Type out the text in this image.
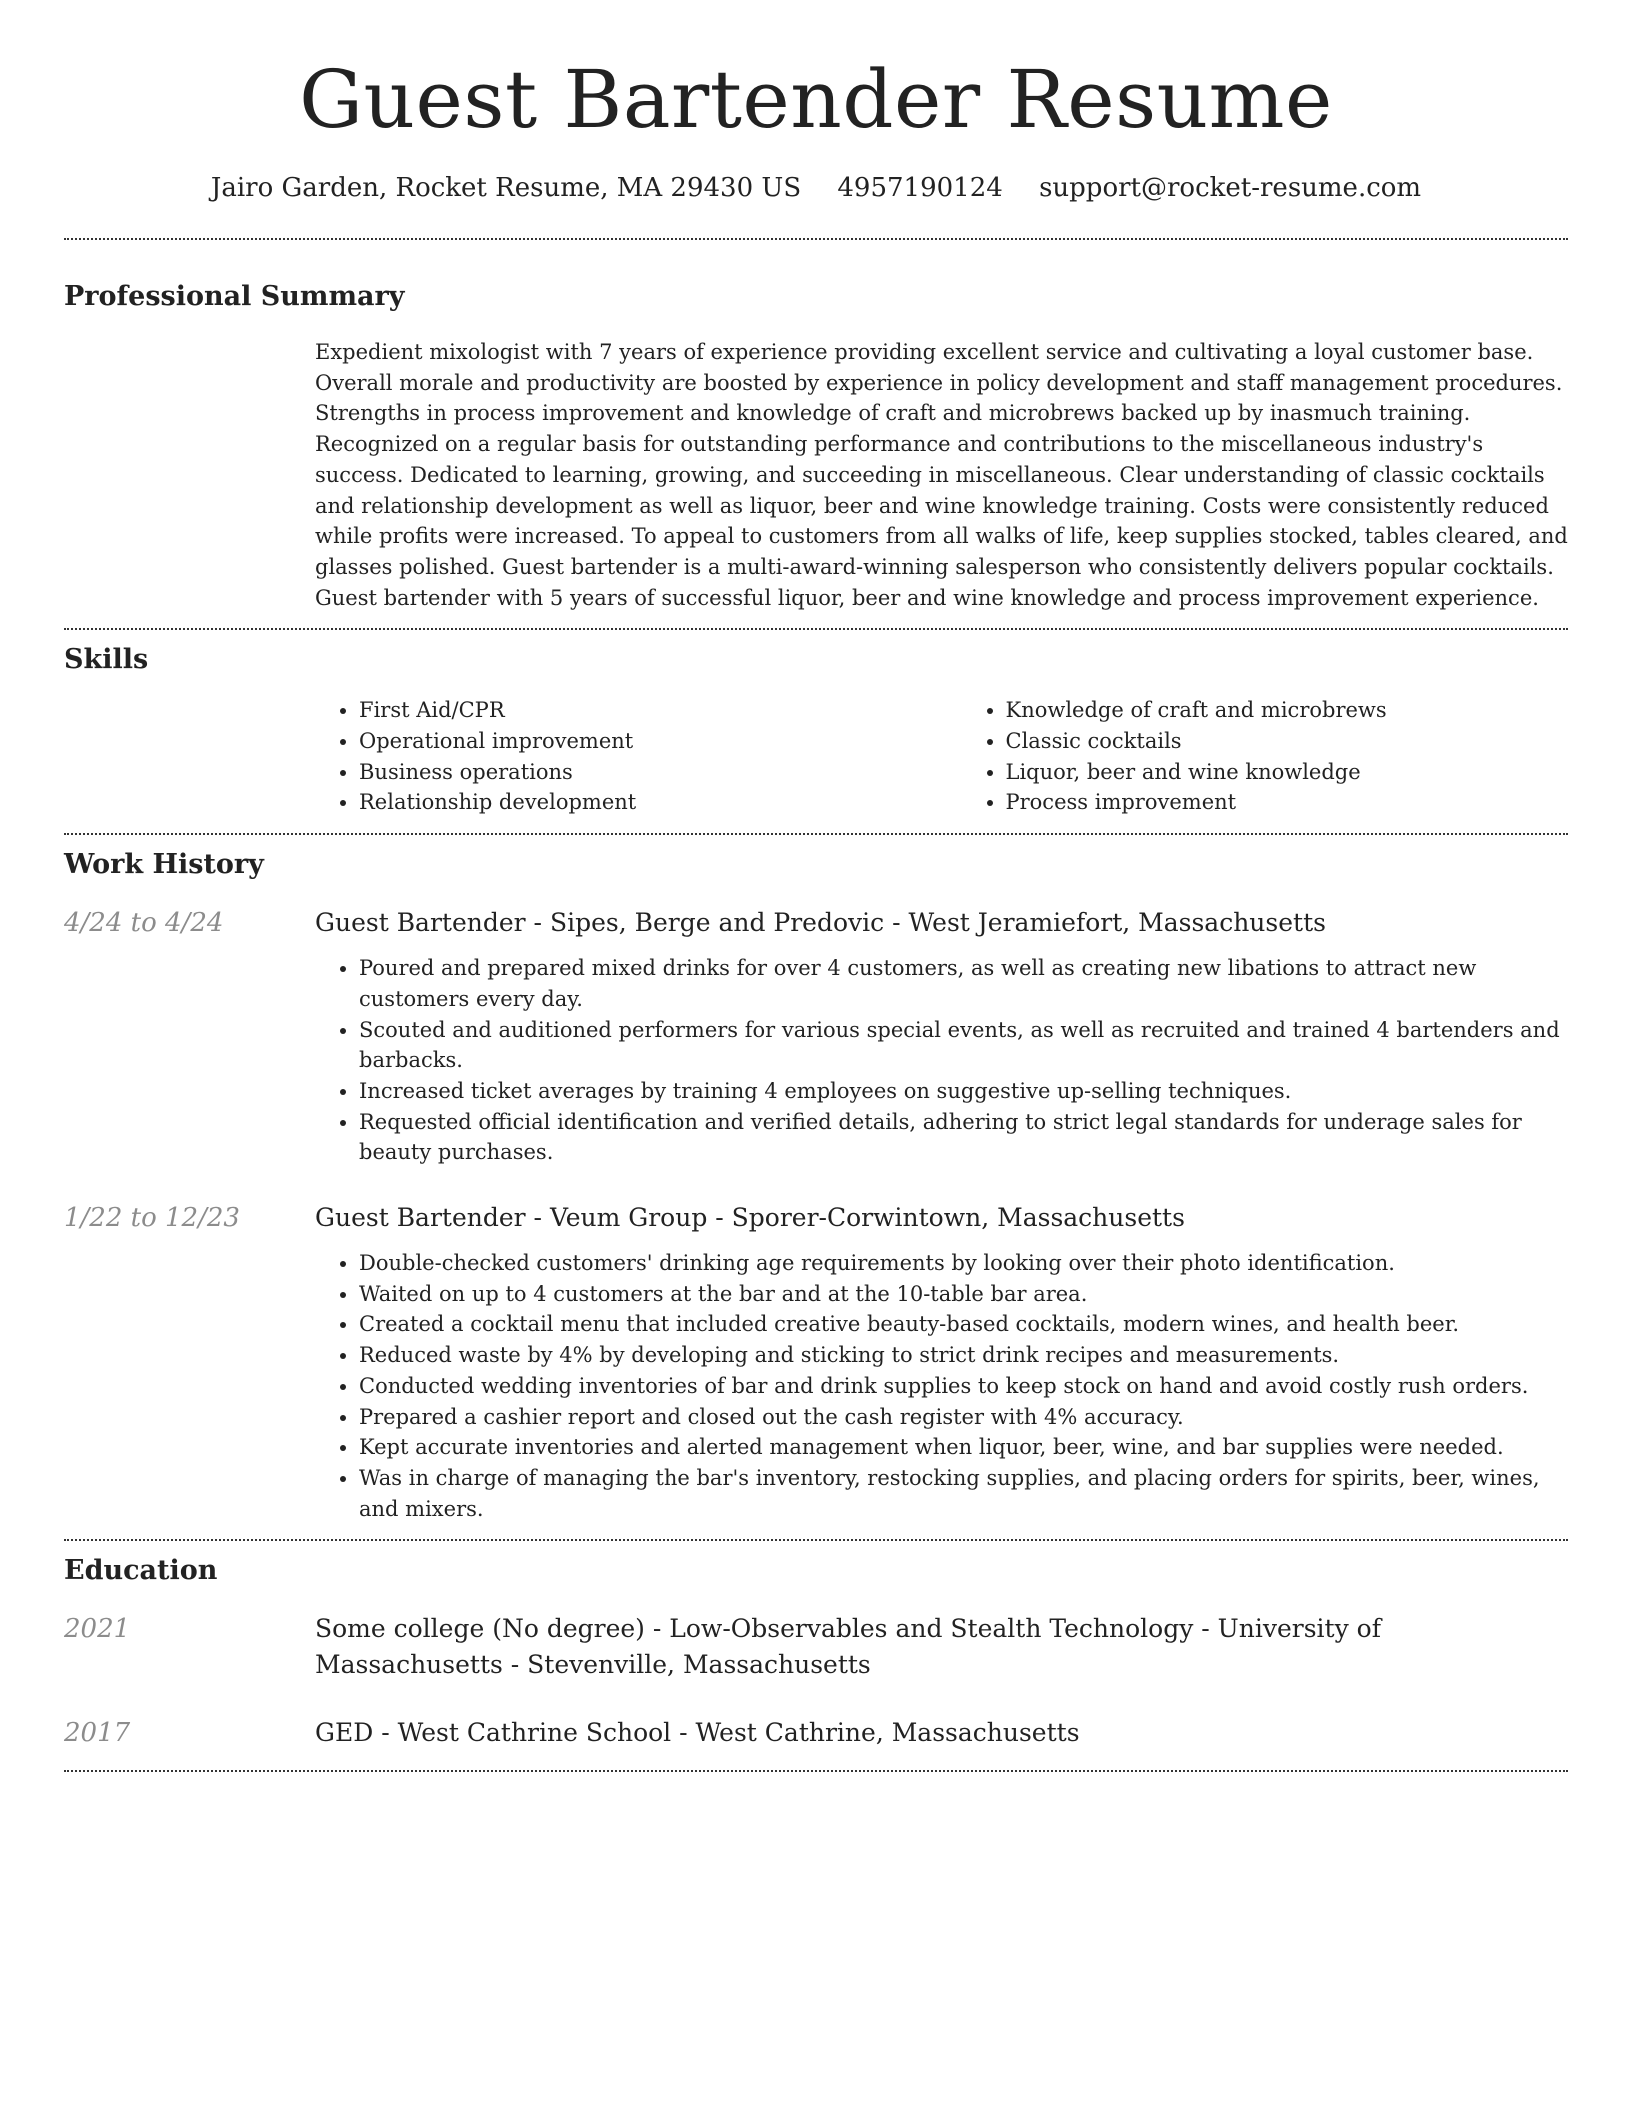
Guest Bartender Resume
Jairo Garden, Rocket Resume, MA 29430 US 4957190124 support@rocket-resume.com
Professional Summary

Expedient mixologist with 7 years of experience providing excellent service and cultivating a loyal customer base. Overall morale and productivity are boosted by experience in policy development and staff management procedures. Strengths in process improvement and knowledge of craft and microbrews backed up by inasmuch training. Recognized on a regular basis for outstanding performance and contributions to the miscellaneous industry's success. Dedicated to learning, growing, and succeeding in miscellaneous. Clear understanding of classic cocktails and relationship development as well as liquor, beer and wine knowledge training. Costs were consistently reduced while profits were increased. To appeal to customers from all walks of life, keep supplies stocked, tables cleared, and glasses polished. Guest bartender is a multi-award-winning salesperson who consistently delivers popular cocktails. Guest bartender with 5 years of successful liquor, beer and wine knowledge and process improvement experience.

Skills
• First Aid/CPR
• Operational improvement
• Business operations
• Relationship development
• Knowledge of craft and microbrews
• Classic cocktails
• Liquor, beer and wine knowledge
• Process improvement
Work History
4/24 to 4/24	Guest Bartender - Sipes, Berge and Predovic - West Jeramiefort, Massachusetts
• Poured and prepared mixed drinks for over 4 customers, as well as creating new libations to attract new customers every day.
• Scouted and auditioned performers for various special events, as well as recruited and trained 4 bartenders and barbacks.
• Increased ticket averages by training 4 employees on suggestive up-selling techniques.
• Requested official identification and verified details, adhering to strict legal standards for underage sales for beauty purchases.
1/22 to 12/23	Guest Bartender - Veum Group - Sporer-Corwintown, Massachusetts
• Double-checked customers' drinking age requirements by looking over their photo identification.
• Waited on up to 4 customers at the bar and at the 10-table bar area.
• Created a cocktail menu that included creative beauty-based cocktails, modern wines, and health beer.
• Reduced waste by 4% by developing and sticking to strict drink recipes and measurements.
• Conducted wedding inventories of bar and drink supplies to keep stock on hand and avoid costly rush orders.
• Prepared a cashier report and closed out the cash register with 4% accuracy.
• Kept accurate inventories and alerted management when liquor, beer, wine, and bar supplies were needed.
• Was in charge of managing the bar's inventory, restocking supplies, and placing orders for spirits, beer, wines, and mixers.
Education
2021	Some college (No degree) - Low-Observables and Stealth Technology - University of Massachusetts - Stevenville, Massachusetts
2017	GED - West Cathrine School - West Cathrine, Massachusetts
